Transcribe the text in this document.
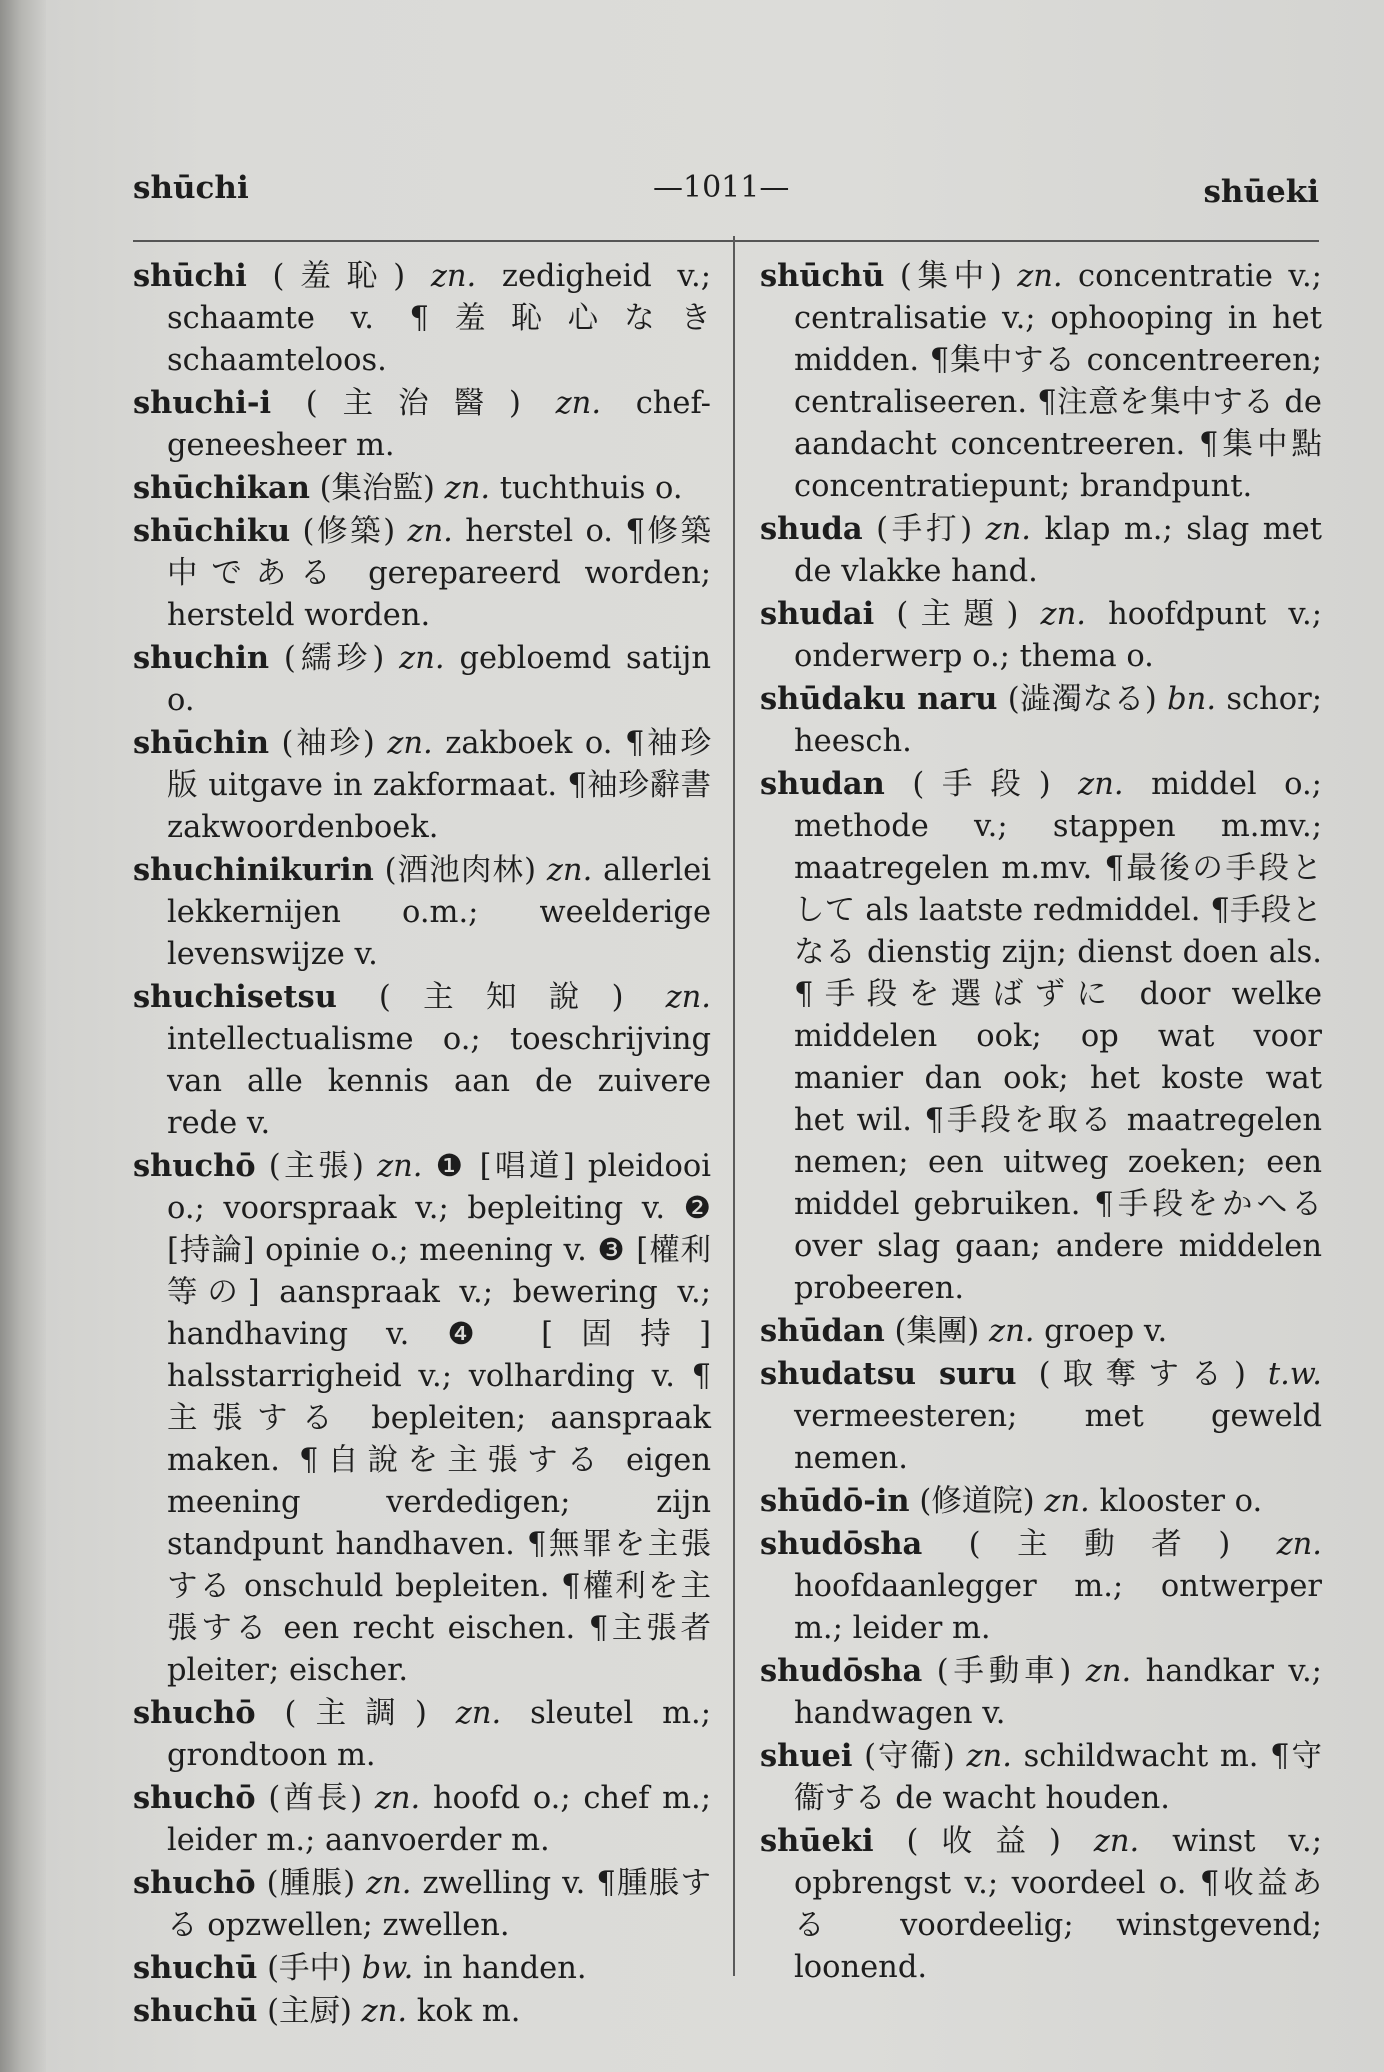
shūchi	—1011—	shūeki
shūchi (羞恥) zn. zedigheid v.; schaamte v. ¶羞恥心なき schaamteloos.
shuchi-i (主治醫) zn. chef-geneesheer m.
shūchikan (集治監) zn. tuchthuis o.
shūchiku (修築) zn. herstel o. ¶修築中である gerepareerd worden; hersteld worden.
shuchin (繻珍) zn. gebloemd satijn o.
shūchin (袖珍) zn. zakboek o. ¶袖珍版 uitgave in zakformaat. ¶袖珍辭書 zakwoordenboek.
shuchinikurin (酒池肉林) zn. allerlei lekkernijen o.m.; weelderige levenswijze v.
shuchisetsu (主知說) zn. intellectualisme o.; toeschrijving van alle kennis aan de zuivere rede v.
shuchō (主張) zn. ❶ [唱道] pleidooi o.; voorspraak v.; bepleiting v. ❷ [持論] opinie o.; meening v. ❸ [權利等の] aanspraak v.; bewering v.; handhaving v. ❹ [固持] halsstarrigheid v.; volharding v. ¶主張する bepleiten; aanspraak maken. ¶自說を主張する eigen meening verdedigen; zijn standpunt handhaven. ¶無罪を主張する onschuld bepleiten. ¶權利を主張する een recht eischen. ¶主張者 pleiter; eischer.
shuchō (主調) zn. sleutel m.; grondtoon m.
shuchō (酋長) zn. hoofd o.; chef m.; leider m.; aanvoerder m.
shuchō (腫脹) zn. zwelling v. ¶腫脹する opzwellen; zwellen.
shuchū (手中) bw. in handen.
shuchū (主厨) zn. kok m.
shūchū (集中) zn. concentratie v.; centralisatie v.; ophooping in het midden. ¶集中する concentreeren; centraliseeren. ¶注意を集中する de aandacht concentreeren. ¶集中點 concentratiepunt; brandpunt.
shuda (手打) zn. klap m.; slag met de vlakke hand.
shudai (主題) zn. hoofdpunt v.; onderwerp o.; thema o.
shūdaku naru (澁濁なる) bn. schor; heesch.
shudan (手段) zn. middel o.; methode v.; stappen m.mv.; maatregelen m.mv. ¶最後の手段として als laatste redmiddel. ¶手段となる dienstig zijn; dienst doen als. ¶手段を選ばずに door welke middelen ook; op wat voor manier dan ook; het koste wat het wil. ¶手段を取る maatregelen nemen; een uitweg zoeken; een middel gebruiken. ¶手段をかへる over slag gaan; andere middelen probeeren.
shūdan (集團) zn. groep v.
shudatsu suru (取奪する) t.w. vermeesteren; met geweld nemen.
shūdō-in (修道院) zn. klooster o.
shudōsha (主動者) zn. hoofdaanlegger m.; ontwerper m.; leider m.
shudōsha (手動車) zn. handkar v.; handwagen v.
shuei (守衞) zn. schildwacht m. ¶守衞する de wacht houden.
shūeki (收益) zn. winst v.; opbrengst v.; voordeel o. ¶收益ある voordeelig; winstgevend; loonend.
